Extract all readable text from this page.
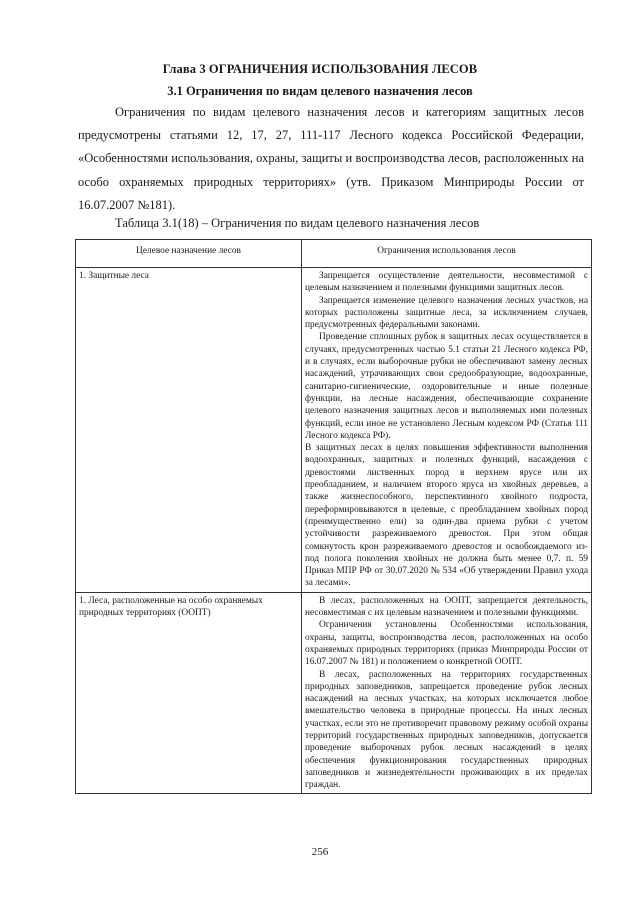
Глава 3 ОГРАНИЧЕНИЯ ИСПОЛЬЗОВАНИЯ ЛЕСОВ
3.1 Ограничения по видам целевого назначения лесов

Ограничения по видам целевого назначения лесов и категориям защитных лесов предусмотрены статьями 12, 17, 27, 111-117 Лесного кодекса Российской Федерации, «Особенностями использования, охраны, защиты и воспроизводства лесов, расположенных на особо охраняемых природных территориях» (утв. Приказом Минприроды России от 16.07.2007 №181).

Таблица 3.1(18) – Ограничения по видам целевого назначения лесов
Целевое назначение лесов	Ограничения использования лесов
1. Защитные леса	Запрещается осуществление деятельности, несовместимой с целевым назначением и полезными функциями защитных лесов.

Запрещается изменение целевого назначения лесных участков, на которых расположены защитные леса, за исключением случаев, предусмотренных федеральными законами.

Проведение сплошных рубок в защитных лесах осуществляется в случаях, предусмотренных частью 5.1 статьи 21 Лесного кодекса РФ, и в случаях, если выборочные рубки не обеспечивают замену лесных насаждений, утрачивающих свои средообразующие, водоохранные, санитарно-гигиенические, оздоровительные и иные полезные функции, на лесные насаждения, обеспечивающие сохранение целевого назначения защитных лесов и выполняемых ими полезных функций, если иное не установлено Лесным кодексом РФ (Статья 111 Лесного кодекса РФ).

В защитных лесах в целях повышения эффективности выполнения водоохранных, защитных и полезных функций, насаждения с древостоями лиственных пород в верхнем ярусе или их преобладанием, и наличием второго яруса из хвойных деревьев, а также жизнеспособного, перспективного хвойного подроста, переформировываются в целевые, с преобладанием хвойных пород (преимущественно ели) за один-два приема рубки с учетом устойчивости разреживаемого древостоя. При этом общая сомкнутость крон разреживаемого древостоя и освобождаемого из-под полога поколения хвойных не должна быть менее 0,7. п. 59 Приказ МПР РФ от 30.07.2020 № 534 «Об утверждении Правил ухода за лесами».

1. Леса, расположенные на особо охраняемых природных территориях (ООПТ)	В лесах, расположенных на ООПТ, запрещается деятельность, несовместимая с их целевым назначением и полезными функциями.

Ограничения установлены Особенностями использования, охраны, защиты, воспроизводства лесов, расположенных на особо охраняемых природных территориях (приказ Минприроды России от 16.07.2007 № 181) и положением о конкретной ООПТ.

В лесах, расположенных на территориях государственных природных заповедников, запрещается проведение рубок лесных насаждений на лесных участках, на которых исключается любое вмешательство человека в природные процессы. На иных лесных участках, если это не противоречит правовому режиму особой охраны территорий государственных природных заповедников, допускается проведение выборочных рубок лесных насаждений в целях обеспечения функционирования государственных природных заповедников и жизнедеятельности проживающих в их пределах граждан.

256
